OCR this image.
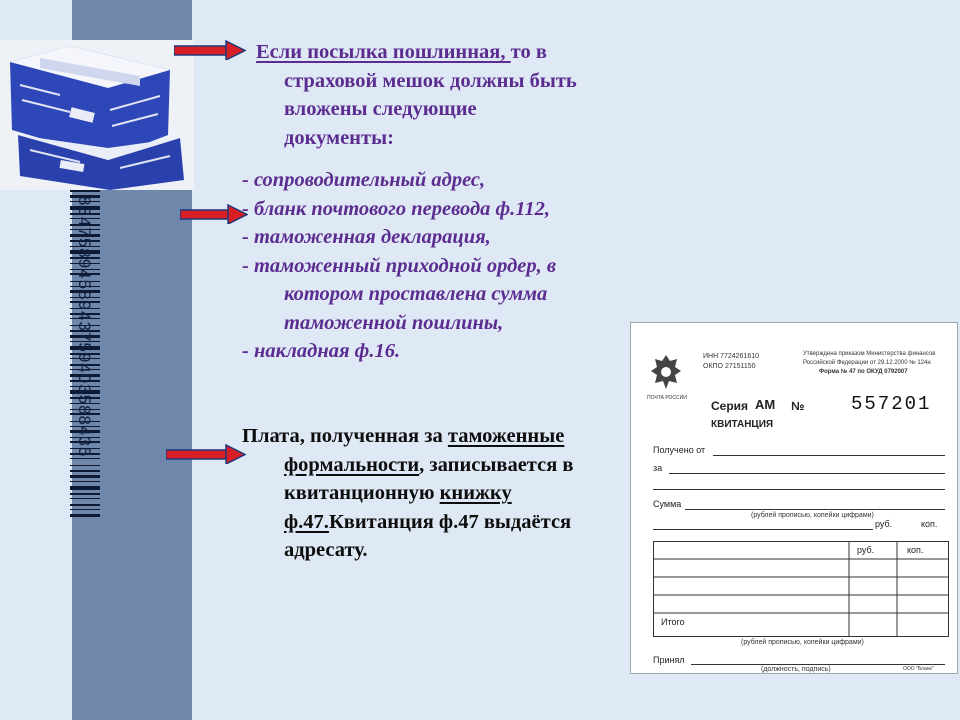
8347589458943759403588435
Если посылка пошлинная, то в
страховой мешок должны быть
вложены следующие
документы:
- сопроводительный адрес,
- бланк почтового перевода ф.112,
- таможенная декларация,
- таможенный приходной ордер, в
котором проставлена сумма
таможенной пошлины,
- накладная ф.16.
Плата, полученная за таможенные
формальности, записывается в
квитанционную книжку
ф.47.Квитанция ф.47 выдаётся
адресату.
ПОЧТА РОССИИ
ИНН 7724261610
ОКПО 27151150
Утверждена приказом Министерства финансов
Российской Федерации от 29.12.2000 № 124н
Форма № 47 по ОКУД 0792007
Серия АМ № 557201
КВИТАНЦИЯ
Получено от
за
Сумма
(рублей прописью, копейки цифрами)
руб.	коп.
руб.	коп.
Итого
(рублей прописью, копейки цифрами)
Принял
(должность, подпись)	ООО "Бланк"
